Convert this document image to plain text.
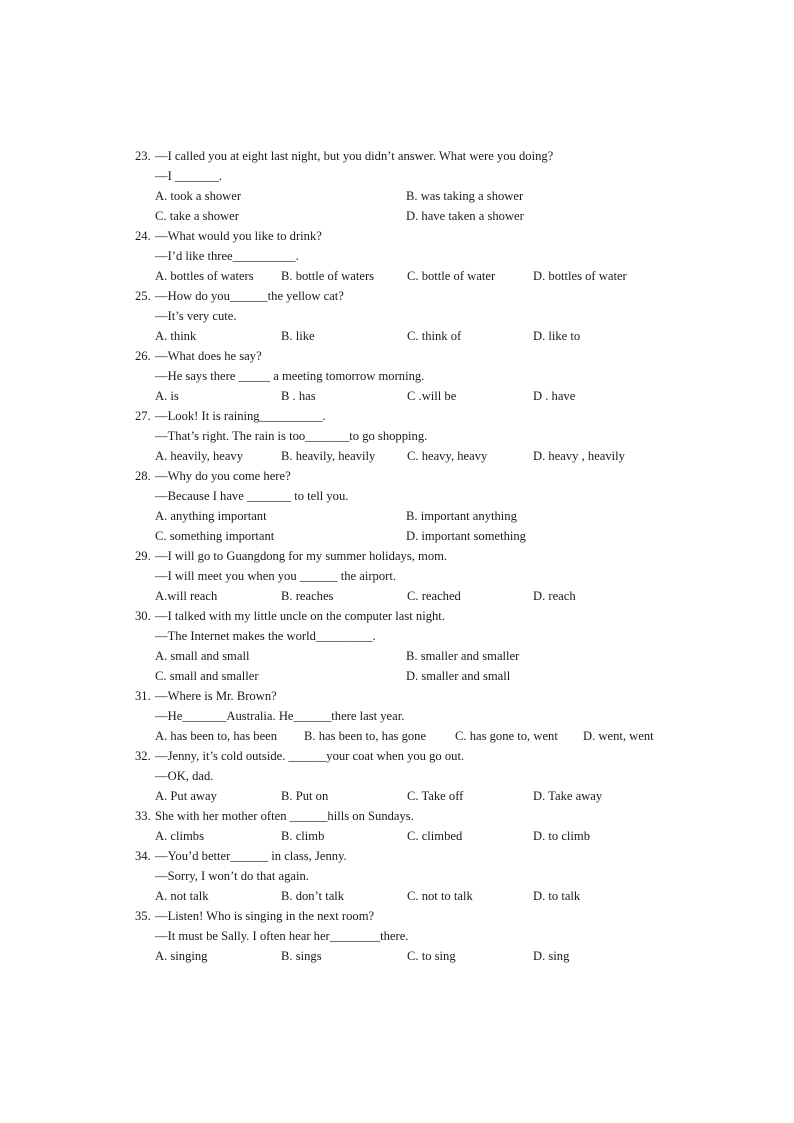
23. —I called you at eight last night, but you didn’t answer. What were you doing?
—I _______.
A. took a shower	B. was taking a shower
C. take a shower	D. have taken a shower
24. —What would you like to drink?
—I’d like three__________.
A. bottles of waters B. bottle of waters	C. bottle of water	D. bottles of water
25. —How do you______the yellow cat?
—It’s very cute.
A. think	B. like	C. think of	D. like to
26. —What does he say?
—He says there _____ a meeting tomorrow morning.
A. is	B . has	C .will be	D . have
27. —Look! It is raining__________.
—That’s right. The rain is too_______to go shopping.
A. heavily, heavy	B. heavily, heavily	C. heavy, heavy	D. heavy , heavily
28. —Why do you come here?
—Because I have _______ to tell you.
A. anything important	B. important anything
C. something important	D. important something
29. —I will go to Guangdong for my summer holidays, mom.
—I will meet you when you ______ the airport.
A.will reach	B. reaches	C. reached	D. reach
30. —I talked with my little uncle on the computer last night.
—The Internet makes the world_________.
A. small and small	B. smaller and smaller
C. small and smaller	D. smaller and small
31. —Where is Mr. Brown?
—He_______Australia. He______there last year.
A. has been to, has been B. has been to, has gone C. has gone to, went D. went, went
32. —Jenny, it’s cold outside. ______your coat when you go out.
—OK, dad.
A. Put away	B. Put on	C. Take off	D. Take away
33. She with her mother often ______hills on Sundays.
A. climbs	B. climb	C. climbed	D. to climb
34. —You’d better______ in class, Jenny.
—Sorry, I won’t do that again.
A. not talk	B. don’t talk	C. not to talk	D. to talk
35. —Listen! Who is singing in the next room?
—It must be Sally. I often hear her________there.
A. singing	B. sings	C. to sing	D. sing
